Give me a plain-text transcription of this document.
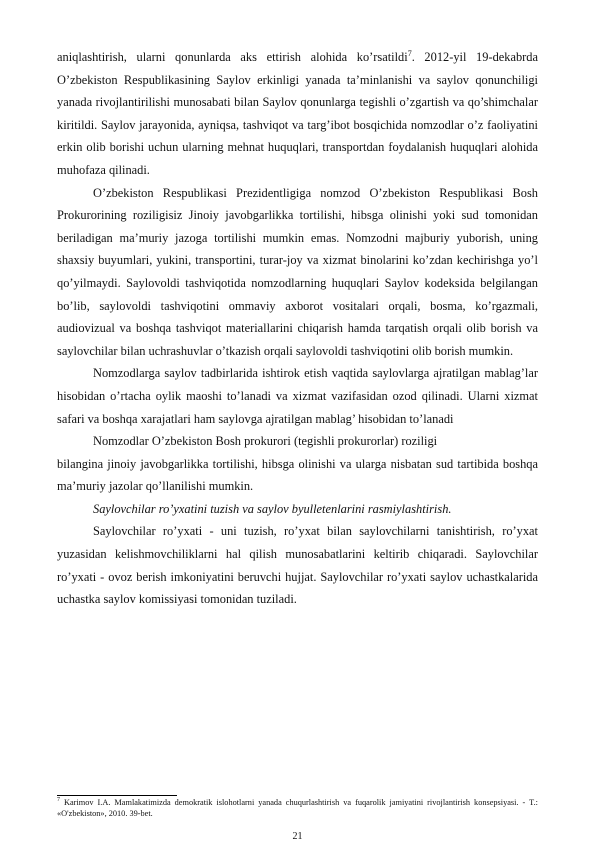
aniqlashtirish, ularni qonunlarda aks ettirish alohida ko’rsatildi$^7$. 2012-yil 19-dekabrda O’zbekiston Respublikasining Saylov erkinligi yanada ta’minlanishi va saylov qonunchiligi yanada rivojlantirilishi munosabati bilan Saylov qonunlarga tegishli o’zgartish va qo’shimchalar kiritildi. Saylov jarayonida, ayniqsa, tashviqot va targ’ibot bosqichida nomzodlar o’z faoliyatini erkin olib borishi uchun ularning mehnat huquqlari, transportdan foydalanish huquqlari alohida muhofaza qilinadi.

O’zbekiston Respublikasi Prezidentligiga nomzod O’zbekiston Respublikasi Bosh Prokurorining roziligisiz Jinoiy javobgarlikka tortilishi, hibsga olinishi yoki sud tomonidan beriladigan ma’muriy jazoga tortilishi mumkin emas. Nomzodni majburiy yuborish, uning shaxsiy buyumlari, yukini, transportini, turar-joy va xizmat binolarini ko’zdan kechirishga yo’l qo’yilmaydi. Saylovoldi tashviqotida nomzodlarning huquqlari Saylov kodeksida belgilangan bo’lib, saylovoldi tashviqotini ommaviy axborot vositalari orqali, bosma, ko’rgazmali, audiovizual va boshqa tashviqot materiallarini chiqarish hamda tarqatish orqali olib borish va saylovchilar bilan uchrashuvlar o’tkazish orqali saylovoldi tashviqotini olib borish mumkin.

Nomzodlarga saylov tadbirlarida ishtirok etish vaqtida saylovlarga ajratilgan mablag’lar hisobidan o’rtacha oylik maoshi to’lanadi va xizmat vazifasidan ozod qilinadi. Ularni xizmat safari va boshqa xarajatlari ham saylovga ajratilgan mablag’ hisobidan to’lanadi

Nomzodlar O’zbekiston Bosh prokurori (tegishli prokurorlar) roziligi

bilangina jinoiy javobgarlikka tortilishi, hibsga olinishi va ularga nisbatan sud tartibida boshqa ma’muriy jazolar qo’llanilishi mumkin.

Saylovchilar ro’yxatini tuzish va saylov byulletenlarini rasmiylashtirish.

Saylovchilar ro’yxati - uni tuzish, ro’yxat bilan saylovchilarni tanishtirish, ro’yxat yuzasidan kelishmovchiliklarni hal qilish munosabatlarini keltirib chiqaradi. Saylovchilar ro’yxati - ovoz berish imkoniyatini beruvchi hujjat. Saylovchilar ro’yxati saylov uchastkalarida uchastka saylov komissiyasi tomonidan tuziladi.

$^7$ Karimov I.A. Mamlakatimizda demokratik islohotlarni yanada chuqurlashtirish va fuqarolik jamiyatini rivojlantirish konsepsiyasi. - T.: «O'zbekiston», 2010. 39-bet.
21
